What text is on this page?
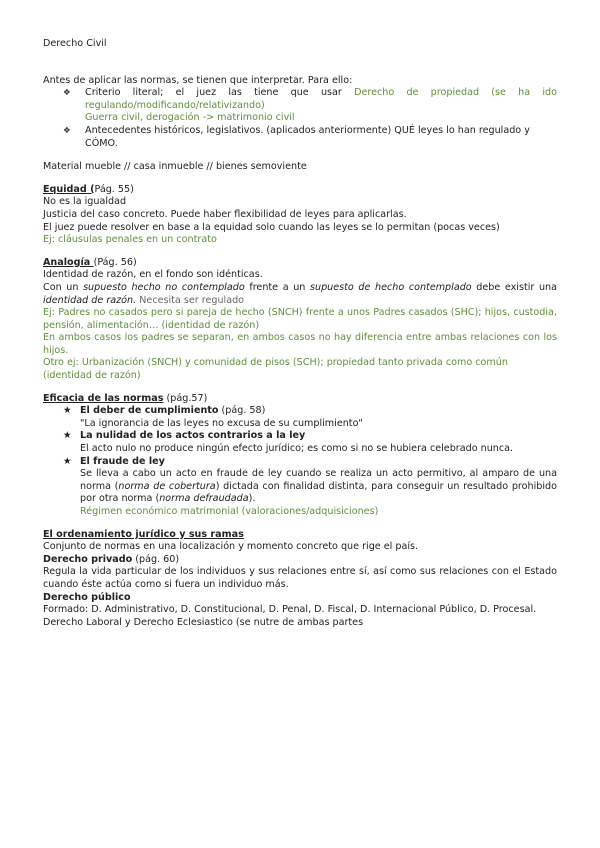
Derecho Civil

Antes de aplicar las normas, se tienen que interpretar. Para ello:

❖ Criterio literal; el juez las tiene que usar Derecho de propiedad (se ha ido regulando/modificando/relativizando)

Guerra civil, derogación -> matrimonio civil

❖ Antecedentes históricos, legislativos. (aplicados anteriormente) QUÉ leyes lo han regulado y CÓMO.

Material mueble // casa inmueble // bienes semoviente

Equidad (Pág. 55)

No es la igualdad

Justicia del caso concreto. Puede haber flexibilidad de leyes para aplicarlas.

El juez puede resolver en base a la equidad solo cuando las leyes se lo permitan (pocas veces)

Ej: cláusulas penales en un contrato

Analogía (Pág. 56)

Identidad de razón, en el fondo son idénticas.

Con un supuesto hecho no contemplado frente a un supuesto de hecho contemplado debe existir una identidad de razón. Necesita ser regulado

Ej: Padres no casados pero si pareja de hecho (SNCH) frente a unos Padres casados (SHC); hijos, custodia, pensión, alimentación… (identidad de razón)

En ambos casos los padres se separan, en ambos casos no hay diferencia entre ambas relaciones con los hijos.

Otro ej: Urbanización (SNCH) y comunidad de pisos (SCH); propiedad tanto privada como común (identidad de razón)

Eficacia de las normas (pág.57)

★ El deber de cumplimiento (pág. 58)

"La ignorancia de las leyes no excusa de su cumplimiento"

★ La nulidad de los actos contrarios a la ley

El acto nulo no produce ningún efecto jurídico; es como si no se hubiera celebrado nunca.

★ El fraude de ley

Se lleva a cabo un acto en fraude de ley cuando se realiza un acto permitivo, al amparo de una norma (norma de cobertura) dictada con finalidad distinta, para conseguir un resultado prohibido por otra norma (norma defraudada).

Régimen económico matrimonial (valoraciones/adquisiciones)

El ordenamiento jurídico y sus ramas

Conjunto de normas en una localización y momento concreto que rige el país.

Derecho privado (pág. 60)

Regula la vida particular de los individuos y sus relaciones entre sí, así como sus relaciones con el Estado cuando éste actúa como si fuera un individuo más.

Derecho público

Formado: D. Administrativo, D. Constitucional, D. Penal, D. Fiscal, D. Internacional Público, D. Procesal.

Derecho Laboral y Derecho Eclesiastico (se nutre de ambas partes
